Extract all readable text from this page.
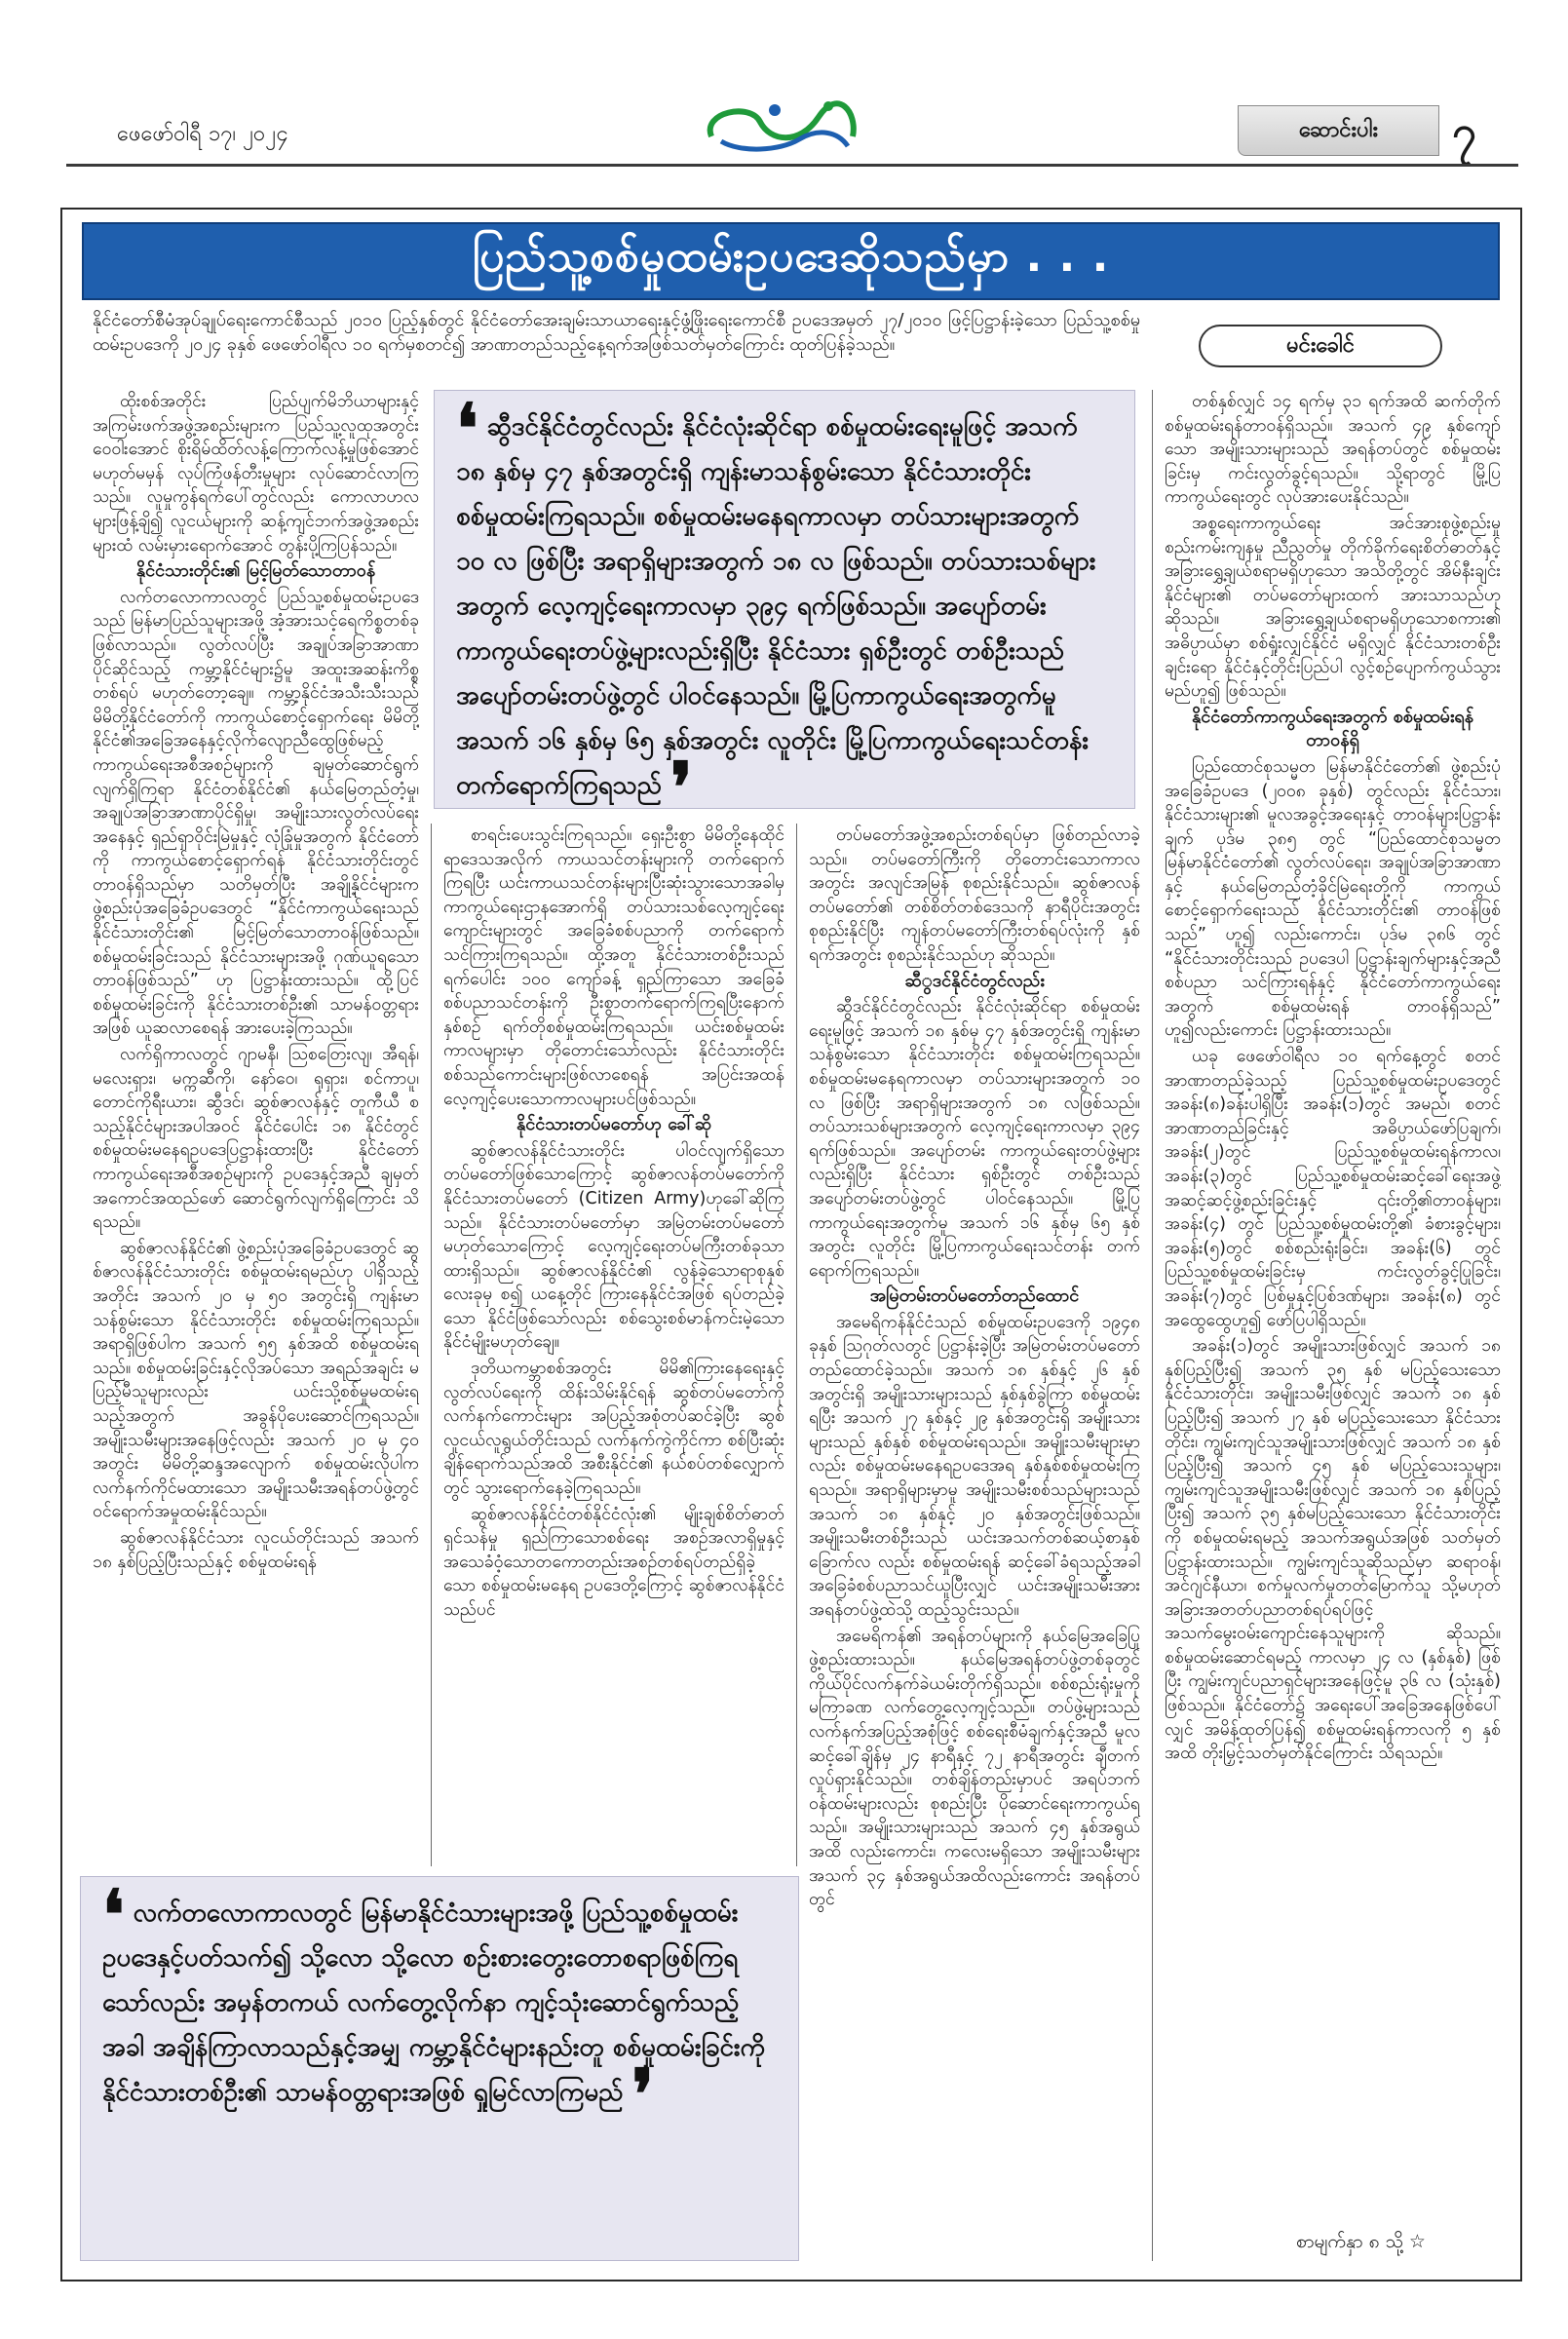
ဖေဖော်ဝါရီ ၁၇၊ ၂၀၂၄	ဆောင်းပါး	၇
ပြည်သူ့စစ်မှုထမ်းဥပဒေဆိုသည်မှာ . . .
နိုင်ငံတော်စီမံအုပ်ချုပ်ရေးကောင်စီသည် ၂၀၁၀ ပြည့်နှစ်တွင် နိုင်ငံတော်အေးချမ်းသာယာရေးနှင့်ဖွံ့ဖြိုးရေးကောင်စီ ဥပဒေအမှတ် ၂၇/၂၀၁၀ ဖြင့်ပြဋ္ဌာန်းခဲ့သော ပြည်သူ့စစ်မှုထမ်းဥပဒေကို ၂၀၂၄ ခုနှစ် ဖေဖော်ဝါရီလ ၁၀ ရက်မှစတင်၍ အာဏာတည်သည့်နေ့ရက်အဖြစ်သတ်မှတ်ကြောင်း ထုတ်ပြန်ခဲ့သည်။	မင်းခေါင်

ထိုးစစ်အတိုင်း ပြည်ပျက်မိဘိယာများနှင့် အကြမ်းဖက်အဖွဲ့အစည်းများက ပြည်သူ့လူထုအတွင်း ဝေဝါးအောင် စိုးရိမ်ထိတ်လန့်ကြောက်လန့်မှုဖြစ်အောင် မဟုတ်မမှန် လုပ်ကြံဖန်တီးမှုများ လုပ်ဆောင်လာကြသည်။ လူမှုကွန်ရက်ပေါ်တွင်လည်း ကောလာဟလများဖြန့်ချိ၍ လူငယ်များကို ဆန့်ကျင်ဘက်အဖွဲ့အစည်းများထံ လမ်းမှားရောက်အောင် တွန်းပို့ကြပြန်သည်။

နိုင်ငံသားတိုင်း၏ မြင့်မြတ်သောတာဝန်

လက်တလောကာလတွင် ပြည်သူ့စစ်မှုထမ်းဥပဒေသည် မြန်မာပြည်သူများအဖို့ အံ့အားသင့်ရေကိစ္စတစ်ခုဖြစ်လာသည်။ လွတ်လပ်ပြီး အချုပ်အခြာအာဏာပိုင်ဆိုင်သည့် ကမ္ဘာ့နိုင်ငံများ၌မူ အထူးအဆန်းကိစ္စတစ်ရပ် မဟုတ်တော့ချေ။ ကမ္ဘာ့နိုင်ငံအသီးသီးသည် မိမိတို့နိုင်ငံတော်ကို ကာကွယ်စောင့်ရှောက်ရေး မိမိတို့နိုင်ငံ၏အခြေအနေနှင့်လိုက်လျောညီထွေဖြစ်မည့် ကာကွယ်ရေးအစီအစဉ်များကို ချမှတ်ဆောင်ရွက်လျက်ရှိကြရာ နိုင်ငံတစ်နိုင်ငံ၏ နယ်မြေတည်တံ့မှု၊ အချုပ်အခြာအာဏာပိုင်ရှိမှု၊ အမျိုးသားလွတ်လပ်ရေး အနေနှင့် ရှည်ရှာဝိုင်းမြဲမှုနှင့် လုံခြုံမှုအတွက် နိုင်ငံတော်ကို ကာကွယ်စောင့်ရှောက်ရန် နိုင်ငံသားတိုင်းတွင် တာဝန်ရှိသည်မှာ သတိမှတ်ပြီး အချို့နိုင်ငံများက ဖွဲ့စည်းပုံအခြေခံဥပဒေတွင် “နိုင်ငံကာကွယ်ရေးသည် နိုင်ငံသားတိုင်း၏ မြင့်မြတ်သောတာဝန်ဖြစ်သည်။ စစ်မှုထမ်းခြင်းသည် နိုင်ငံသားများအဖို့ ဂုဏ်ယူရသောတာဝန်ဖြစ်သည်” ဟု ပြဋ္ဌာန်းထားသည်။ ထို့ပြင် စစ်မှုထမ်းခြင်းကို နိုင်ငံသားတစ်ဦး၏ သာမန်ဝတ္တရားအဖြစ် ယူဆလာစေရန် အားပေးခဲ့ကြသည်။

လက်ရှိကာလတွင် ဂျာမနီ၊ သြစတြေးလျ၊ အီရန်၊ မလေးရှား၊ မက္ကဆီကို၊ နော်ဝေ၊ ရုရှား၊ စင်ကာပူ၊ တောင်ကိုရီးယား၊ ဆွီဒင်၊ ဆွစ်ဇာလန်နှင့် တူကီယီ စသည့်နိုင်ငံများအပါအဝင် နိုင်ငံပေါင်း ၁၈ နိုင်ငံတွင် စစ်မှုထမ်းမနေရဥပဒေပြဋ္ဌာန်းထားပြီး နိုင်ငံတော်ကာကွယ်ရေးအစီအစဉ်များကို ဥပဒေနှင့်အညီ ချမှတ်အကောင်အထည်ဖော် ဆောင်ရွက်လျက်ရှိကြောင်း သိရသည်။

ဆွစ်ဇာလန်နိုင်ငံ၏ ဖွဲ့စည်းပုံအခြေခံဥပဒေတွင် ဆွစ်ဇာလန်နိုင်ငံသားတိုင်း စစ်မှုထမ်းရမည်ဟု ပါရှိသည့်အတိုင်း အသက် ၂၀ မှ ၅၀ အတွင်းရှိ ကျန်းမာသန်စွမ်းသော နိုင်ငံသားတိုင်း စစ်မှုထမ်းကြရသည်။ အရာရှိဖြစ်ပါက အသက် ၅၅ နှစ်အထိ စစ်မှုထမ်းရသည်။ စစ်မှုထမ်းခြင်းနှင့်လိုအပ်သော အရည်အချင်း မပြည့်မီသူများလည်း ယင်းသို့စစ်မှုမထမ်းရသည့်အတွက် အခွန်ပိုပေးဆောင်ကြရသည်။ အမျိုးသမီးများအနေဖြင့်လည်း အသက် ၂၀ မှ ၄၀ အတွင်း မိမိတို့ဆန္ဒအလျောက် စစ်မှုထမ်းလိုပါက လက်နက်ကိုင်မထားသော အမျိုးသမီးအရန်တပ်ဖွဲ့တွင် ဝင်ရောက်အမှုထမ်းနိုင်သည်။

ဆွစ်ဇာလန်နိုင်ငံသား လူငယ်တိုင်းသည် အသက် ၁၈ နှစ်ပြည့်ပြီးသည်နှင့် စစ်မှုထမ်းရန်

စာရင်းပေးသွင်းကြရသည်။ ရှေးဦးစွာ မိမိတို့နေထိုင်ရာဒေသအလိုက် ကာယသင်တန်းများကို တက်ရောက်ကြရပြီး ယင်းကာယသင်တန်းများပြီးဆုံးသွားသောအခါမှ ကာကွယ်ရေးဌာနအောက်ရှိ တပ်သားသစ်လေ့ကျင့်ရေးကျောင်းများတွင် အခြေခံစစ်ပညာကို တက်ရောက်သင်ကြားကြရသည်။ ထို့အတူ နိုင်ငံသားတစ်ဦးသည် ရက်ပေါင်း ၁၀၀ ကျော်ခန့် ရှည်ကြာသော အခြေခံစစ်ပညာသင်တန်းကို ဦးစွာတက်ရောက်ကြရပြီးနောက် နှစ်စဉ် ရက်တိုစစ်မှုထမ်းကြရသည်။ ယင်းစစ်မှုထမ်းကာလများမှာ တိုတောင်းသော်လည်း နိုင်ငံသားတိုင်း စစ်သည်ကောင်းများဖြစ်လာစေရန် အပြင်းအထန် လေ့ကျင့်ပေးသောကာလများပင်ဖြစ်သည်။

နိုင်ငံသားတပ်မတော်ဟု ခေါ်ဆို

ဆွစ်ဇာလန်နိုင်ငံသားတိုင်း ပါဝင်လျက်ရှိသော တပ်မတော်ဖြစ်သောကြောင့် ဆွစ်ဇာလန်တပ်မတော်ကို နိုင်ငံသားတပ်မတော် (Citizen Army)ဟုခေါ်ဆိုကြသည်။ နိုင်ငံသားတပ်မတော်မှာ အမြဲတမ်းတပ်မတော် မဟုတ်သောကြောင့် လေ့ကျင့်ရေးတပ်မကြီးတစ်ခုသာ ထားရှိသည်။ ဆွစ်ဇာလန်နိုင်ငံ၏ လွန်ခဲ့သောရာစုနှစ် လေးခုမှ စ၍ ယနေ့တိုင် ကြားနေနိုင်ငံအဖြစ် ရပ်တည်ခဲ့သော နိုင်ငံဖြစ်သော်လည်း စစ်သွေးစစ်မာန်ကင်းမဲ့သော နိုင်ငံမျိုးမဟုတ်ချေ။

ဒုတိယကမ္ဘာစစ်အတွင်း မိမိ၏ကြားနေရေးနှင့် လွတ်လပ်ရေးကို ထိန်းသိမ်းနိုင်ရန် ဆွစ်တပ်မတော်ကို လက်နက်ကောင်းများ အပြည့်အစုံတပ်ဆင်ခဲ့ပြီး ဆွစ်လူငယ်လူရွယ်တိုင်းသည် လက်နက်ကွဲကိုင်ကာ စစ်ပြီးဆုံးချိန်ရောက်သည်အထိ အစီးနိုင်ငံ၏ နယ်စပ်တစ်လျှောက်တွင် သွားရောက်နေခဲ့ကြရသည်။

ဆွစ်ဇာလန်နိုင်ငံတစ်နိုင်ငံလုံး၏ မျိုးချစ်စိတ်ဓာတ်ရှင်သန်မှု ရှည်ကြာသောစစ်ရေး အစဉ်အလာရှိမှုနှင့် အသေခံဝံ့သောတကောတည်းအစဉ်တစ်ရပ်တည်ရှိခဲ့သော စစ်မှုထမ်းမနေရ ဥပဒေတို့ကြောင့် ဆွစ်ဇာလန်နိုင်ငံသည်ပင်

တပ်မတော်အဖွဲ့အစည်းတစ်ရပ်မှာ ဖြစ်တည်လာခဲ့သည်။ တပ်မတော်ကြီးကို တိုတောင်းသောကာလအတွင်း အလျင်အမြန် စုစည်းနိုင်သည်။ ဆွစ်ဇာလန်တပ်မတော်၏ တစ်စိတ်တစ်ဒေသကို နာရီပိုင်းအတွင်း စုစည်းနိုင်ပြီး ကျန်တပ်မတော်ကြီးတစ်ရပ်လုံးကို နှစ်ရက်အတွင်း စုစည်းနိုင်သည်ဟု ဆိုသည်။

ဆီွဒင်နိုင်ငံတွင်လည်း

ဆွီဒင်နိုင်ငံတွင်လည်း နိုင်ငံလုံးဆိုင်ရာ စစ်မှုထမ်းရေးမူဖြင့် အသက် ၁၈ နှစ်မှ ၄၇ နှစ်အတွင်းရှိ ကျန်းမာသန်စွမ်းသော နိုင်ငံသားတိုင်း စစ်မှုထမ်းကြရသည်။ စစ်မှုထမ်းမနေရကာလမှာ တပ်သားများအတွက် ၁၀ လ ဖြစ်ပြီး အရာရှိများအတွက် ၁၈ လဖြစ်သည်။ တပ်သားသစ်များအတွက် လေ့ကျင့်ရေးကာလမှာ ၃၉၄ ရက်ဖြစ်သည်။ အပျော်တမ်း ကာကွယ်ရေးတပ်ဖွဲ့များလည်းရှိပြီး နိုင်ငံသား ရှစ်ဦးတွင် တစ်ဦးသည် အပျော်တမ်းတပ်ဖွဲ့တွင် ပါဝင်နေသည်။ မြို့ပြကာကွယ်ရေးအတွက်မူ အသက် ၁၆ နှစ်မှ ၆၅ နှစ်အတွင်း လူတိုင်း မြို့ပြကာကွယ်ရေးသင်တန်း တက်ရောက်ကြရသည်။

အမြဲတမ်းတပ်မတော်တည်ထောင်

အမေရိကန်နိုင်ငံသည် စစ်မှုထမ်းဥပဒေကို ၁၉၄၈ ခုနှစ် ဩဂုတ်လတွင် ပြဋ္ဌာန်းခဲ့ပြီး အမြဲတမ်းတပ်မတော်တည်ထောင်ခဲ့သည်။ အသက် ၁၈ နှစ်နှင့် ၂၆ နှစ်အတွင်းရှိ အမျိုးသားများသည် နှစ်နှစ်ခွဲကြာ စစ်မှုထမ်းရပြီး အသက် ၂၇ နှစ်နှင့် ၂၉ နှစ်အတွင်းရှိ အမျိုးသားများသည် နှစ်နှစ် စစ်မှုထမ်းရသည်။ အမျိုးသမီးများမှာလည်း စစ်မှုထမ်းမနေရဥပဒေအရ နှစ်နှစ်စစ်မှုထမ်းကြရသည်။ အရာရှိများမှာမူ အမျိုးသမီးစစ်သည်များသည် အသက် ၁၈ နှစ်နှင့် ၂၀ နှစ်အတွင်းဖြစ်သည်။ အမျိုးသမီးတစ်ဦးသည် ယင်းအသက်တစ်ဆယ့်စာနှစ်ခြောက်လ လည်း စစ်မှုထမ်းရန် ဆင့်ခေါ်ခံရသည့်အခါ အခြေခံစစ်ပညာသင်ယူပြီးလျှင် ယင်းအမျိုးသမီးအား အရန်တပ်ဖွဲ့ထဲသို့ ထည့်သွင်းသည်။

အမေရိကန်၏ အရန်တပ်များကို နယ်မြေအခြေပြုဖွဲ့စည်းထားသည်။ နယ်မြေအရန်တပ်ဖွဲ့တစ်ခုတွင် ကိုယ်ပိုင်လက်နက်ခဲယမ်းတိုက်ရှိသည်။ စစ်စည်းရုံးမှုကို မကြာခဏ လက်တွေ့လေ့ကျင့်သည်။ တပ်ဖွဲ့များသည် လက်နက်အပြည့်အစုံဖြင့် စစ်ရေးစီမံချက်နှင့်အညီ မူလဆင့်ခေါ်ချိန်မှ ၂၄ နာရီနှင့် ၇၂ နာရီအတွင်း ချီတက်လှုပ်ရှားနိုင်သည်။ တစ်ချိန်တည်းမှာပင် အရပ်ဘက်ဝန်ထမ်းများလည်း စုစည်းပြီး ပိုဆောင်ရေးကာကွယ်ရသည်။ အမျိုးသားများသည် အသက် ၄၅ နှစ်အရွယ်အထိ လည်းကောင်း၊ ကလေးမရှိသော အမျိုးသမီးများ အသက် ၃၄ နှစ်အရွယ်အထိလည်းကောင်း အရန်တပ်တွင်

တစ်နှစ်လျှင် ၁၄ ရက်မှ ၃၁ ရက်အထိ ဆက်တိုက် စစ်မှုထမ်းရန်တာဝန်ရှိသည်။ အသက် ၄၉ နှစ်ကျော်သော အမျိုးသားများသည် အရန်တပ်တွင် စစ်မှုထမ်းခြင်းမှ ကင်းလွတ်ခွင့်ရသည်။ သို့ရာတွင် မြို့ပြကာကွယ်ရေးတွင် လုပ်အားပေးနိုင်သည်။

အစ္စရေးကာကွယ်ရေး အင်အားစုဖွဲ့စည်းမှု စည်းကမ်းကျနမှု ညီညွတ်မှု တိုက်ခိုက်ရေးစိတ်ဓာတ်နှင့် အခြားရွှေ့ချယ်စရာမရှိဟုသော အသိတို့တွင် အိမ်နီးချင်းနိုင်ငံများ၏ တပ်မတော်များထက် အားသာသည်ဟုဆိုသည်။ အခြားရွှေ့ချယ်စရာမရှိဟုသောစကား၏ အဓိပ္ပာယ်မှာ စစ်ရှုံးလျှင်နိုင်ငံ မရှိလျှင် နိုင်ငံသားတစ်ဦးချင်းရော နိုင်ငံနှင့်တိုင်းပြည်ပါ လွင့်စဉ်ပျောက်ကွယ်သွားမည်ဟူ၍ ဖြစ်သည်။

နိုင်ငံတော်ကာကွယ်ရေးအတွက် စစ်မှုထမ်းရန် တာဝန်ရှိ

ပြည်ထောင်စုသမ္မတ မြန်မာနိုင်ငံတော်၏ ဖွဲ့စည်းပုံအခြေခံဥပဒေ (၂၀၀၈ ခုနှစ်) တွင်လည်း နိုင်ငံသား၊ နိုင်ငံသားများ၏ မူလအခွင့်အရေးနှင့် တာဝန်များပြဋ္ဌာန်းချက် ပုဒ်မ ၃၈၅ တွင် “ပြည်ထောင်စုသမ္မတ မြန်မာနိုင်ငံတော်၏ လွတ်လပ်ရေး၊ အချုပ်အခြာအာဏာနှင့် နယ်မြေတည်တံ့ခိုင်မြဲရေးတို့ကို ကာကွယ်စောင့်ရှောက်ရေးသည် နိုင်ငံသားတိုင်း၏ တာဝန်ဖြစ်သည်” ဟူ၍ လည်းကောင်း၊ ပုဒ်မ ၃၈၆ တွင် “နိုင်ငံသားတိုင်းသည် ဥပဒေပါ ပြဋ္ဌာန်းချက်များနှင့်အညီ စစ်ပညာ သင်ကြားရန်နှင့် နိုင်ငံတော်ကာကွယ်ရေးအတွက် စစ်မှုထမ်းရန် တာဝန်ရှိသည်” ဟူ၍လည်းကောင်း ပြဋ္ဌာန်းထားသည်။

ယခု ဖေဖော်ဝါရီလ ၁၀ ရက်နေ့တွင် စတင်အာဏာတည်ခဲ့သည့် ပြည်သူ့စစ်မှုထမ်းဥပဒေတွင် အခန်း(၈)ခန်းပါရှိပြီး အခန်း(၁)တွင် အမည်၊ စတင်အာဏာတည်ခြင်းနှင့် အဓိပ္ပာယ်ဖော်ပြချက်၊ အခန်း(၂)တွင် ပြည်သူ့စစ်မှုထမ်းရန်ကာလ၊ အခန်း(၃)တွင် ပြည်သူ့စစ်မှုထမ်းဆင့်ခေါ်ရေးအဖွဲ့ အဆင့်ဆင့်ဖွဲ့စည်းခြင်းနှင့် ၎င်းတို့၏တာဝန်များ၊ အခန်း(၄) တွင် ပြည်သူ့စစ်မှုထမ်းတို့၏ ခံစားခွင့်များ၊ အခန်း(၅)တွင် စစ်စည်းရုံးခြင်း၊ အခန်း(၆) တွင် ပြည်သူ့စစ်မှုထမ်းခြင်းမှ ကင်းလွတ်ခွင့်ပြုခြင်း၊ အခန်း(၇)တွင် ပြစ်မှုနှင့်ပြစ်ဒဏ်များ၊ အခန်း(၈) တွင် အထွေထွေဟူ၍ ဖော်ပြပါရှိသည်။

အခန်း(၁)တွင် အမျိုးသားဖြစ်လျှင် အသက် ၁၈ နှစ်ပြည့်ပြီး၍ အသက် ၃၅ နှစ် မပြည့်သေးသော နိုင်ငံသားတိုင်း၊ အမျိုးသမီးဖြစ်လျှင် အသက် ၁၈ နှစ်ပြည့်ပြီး၍ အသက် ၂၇ နှစ် မပြည့်သေးသော နိုင်ငံသားတိုင်း၊ ကျွမ်းကျင်သူအမျိုးသားဖြစ်လျှင် အသက် ၁၈ နှစ်ပြည့်ပြီး၍ အသက် ၄၅ နှစ် မပြည့်သေးသူများ၊ ကျွမ်းကျင်သူအမျိုးသမီးဖြစ်လျှင် အသက် ၁၈ နှစ်ပြည့်ပြီး၍ အသက် ၃၅ နှစ်မပြည့်သေးသော နိုင်ငံသားတိုင်းကို စစ်မှုထမ်းရမည့် အသက်အရွယ်အဖြစ် သတ်မှတ်ပြဋ္ဌာန်းထားသည်။ ကျွမ်းကျင်သူဆိုသည်မှာ ဆရာဝန်၊ အင်ဂျင်နီယာ၊ စက်မှုလက်မှုတတ်မြောက်သူ သို့မဟုတ် အခြားအတတ်ပညာတစ်ရပ်ရပ်ဖြင့် အသက်မွေးဝမ်းကျောင်းနေသူများကို ဆိုသည်။ စစ်မှုထမ်းဆောင်ရမည့် ကာလမှာ ၂၄ လ (နှစ်နှစ်) ဖြစ်ပြီး ကျွမ်းကျင်ပညာရှင်များအနေဖြင့်မူ ၃၆ လ (သုံးနှစ်) ဖြစ်သည်။ နိုင်ငံတော်၌ အရေးပေါ်အခြေအနေဖြစ်ပေါ်လျှင် အမိန့်ထုတ်ပြန်၍ စစ်မှုထမ်းရန်ကာလကို ၅ နှစ်အထိ တိုးမြှင့်သတ်မှတ်နိုင်ကြောင်း သိရသည်။

❛ ဆွီဒင်နိုင်ငံတွင်လည်း နိုင်ငံလုံးဆိုင်ရာ စစ်မှုထမ်းရေးမူဖြင့် အသက် ၁၈ နှစ်မှ ၄၇ နှစ်အတွင်းရှိ ကျန်းမာသန်စွမ်းသော နိုင်ငံသားတိုင်း စစ်မှုထမ်းကြရသည်။ စစ်မှုထမ်းမနေရကာလမှာ တပ်သားများအတွက် ၁၀ လ ဖြစ်ပြီး အရာရှိများအတွက် ၁၈ လ ဖြစ်သည်။ တပ်သားသစ်များအတွက် လေ့ကျင့်ရေးကာလမှာ ၃၉၄ ရက်ဖြစ်သည်။ အပျော်တမ်းကာကွယ်ရေးတပ်ဖွဲ့များလည်းရှိပြီး နိုင်ငံသား ရှစ်ဦးတွင် တစ်ဦးသည် အပျော်တမ်းတပ်ဖွဲ့တွင် ပါဝင်နေသည်။ မြို့ပြကာကွယ်ရေးအတွက်မူ အသက် ၁၆ နှစ်မှ ၆၅ နှစ်အတွင်း လူတိုင်း မြို့ပြကာကွယ်ရေးသင်တန်း တက်ရောက်ကြရသည် ❜
❛ လက်တလောကာလတွင် မြန်မာနိုင်ငံသားများအဖို့ ပြည်သူ့စစ်မှုထမ်းဥပဒေနှင့်ပတ်သက်၍ သို့လော သို့လော စဉ်းစားတွေးတောစရာဖြစ်ကြရသော်လည်း အမှန်တကယ် လက်တွေ့လိုက်နာ ကျင့်သုံးဆောင်ရွက်သည့်အခါ အချိန်ကြာလာသည်နှင့်အမျှ ကမ္ဘာ့နိုင်ငံများနည်းတူ စစ်မှုထမ်းခြင်းကို နိုင်ငံသားတစ်ဦး၏ သာမန်ဝတ္တရားအဖြစ် ရှုမြင်လာကြမည် ❜
စာမျက်နှာ ၈ သို့ ☆
